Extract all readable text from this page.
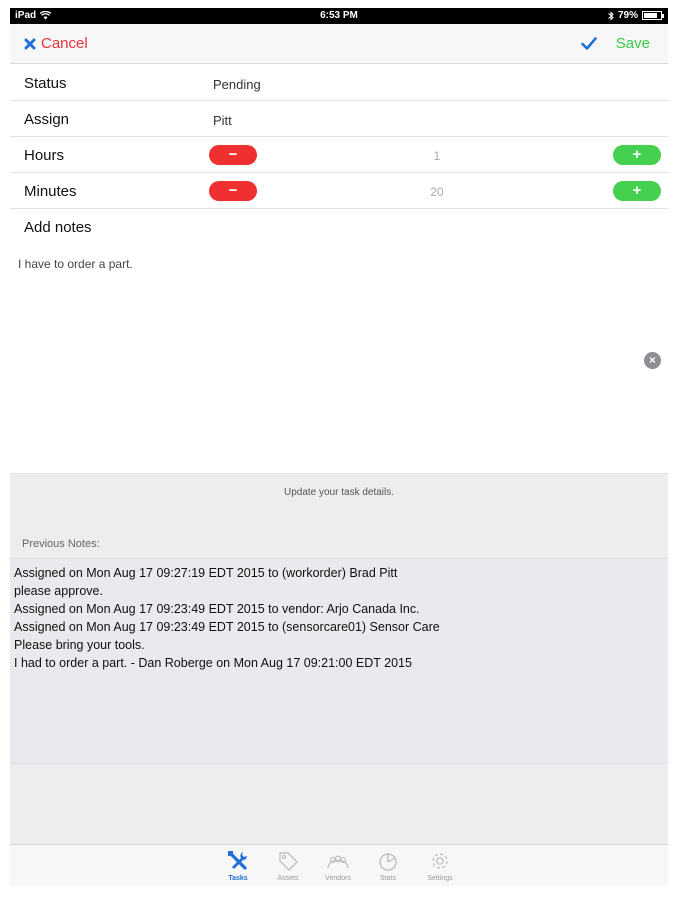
iPad	6:53 PM	79%
Cancel	Save
Status	Pending
Assign	Pitt
Hours	−	1	+
Minutes	−	20	+
Add notes
I have to order a part.
×
Update your task details.
Previous Notes:
Assigned on Mon Aug 17 09:27:19 EDT 2015 to (workorder) Brad Pitt
please approve.
Assigned on Mon Aug 17 09:23:49 EDT 2015 to vendor: Arjo Canada Inc.
Assigned on Mon Aug 17 09:23:49 EDT 2015 to (sensorcare01) Sensor Care
Please bring your tools.
I had to order a part. - Dan Roberge on Mon Aug 17 09:21:00 EDT 2015
Tasks	Assets	Vendors	Stats	Settings
